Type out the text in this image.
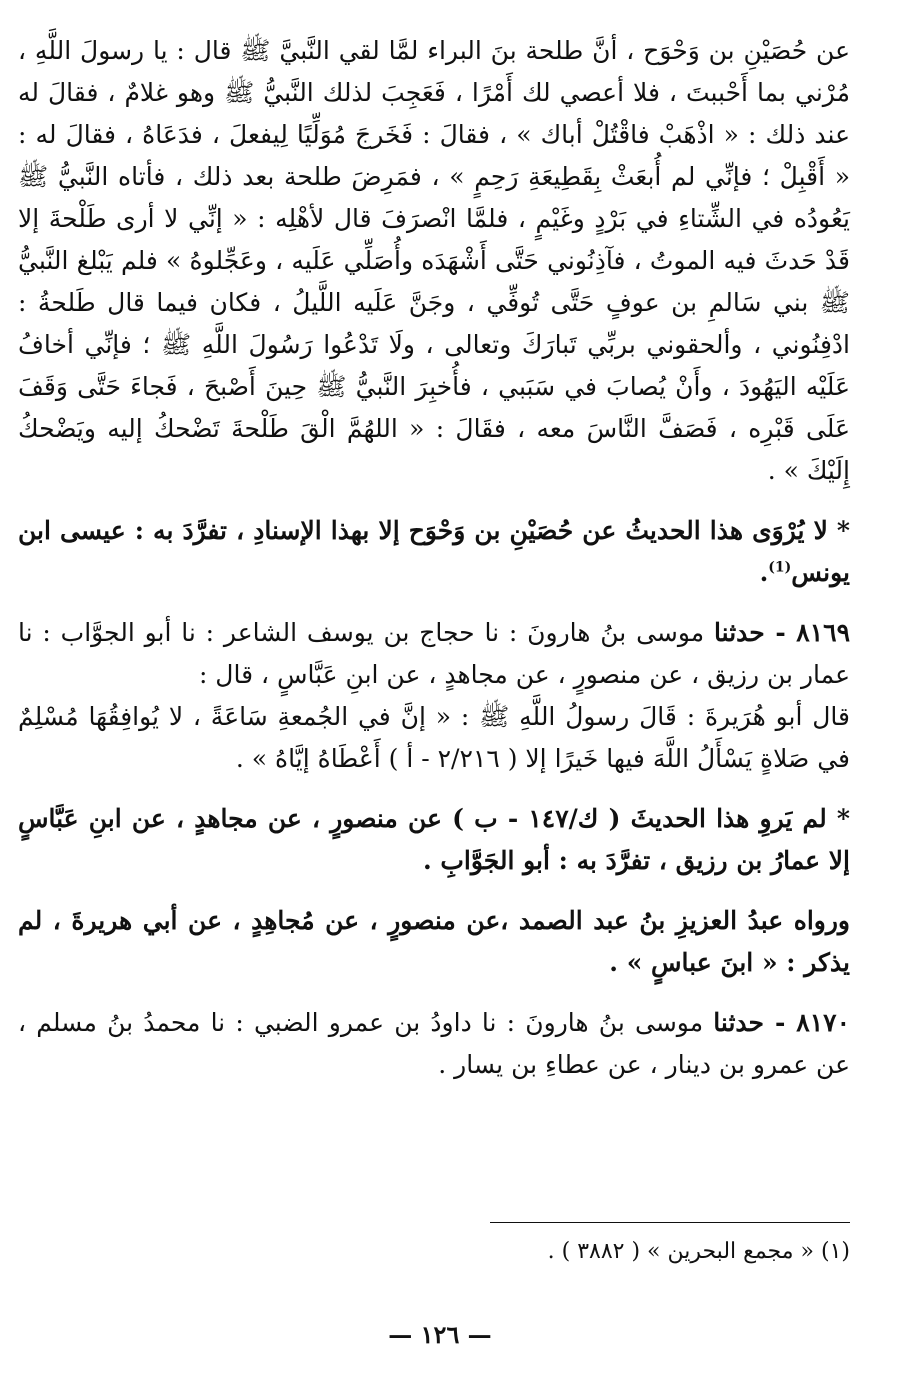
عن حُصَيْنِ بن وَحْوَح ، أنَّ طلحة بنَ البراء لمَّا لقي النَّبيَّ ﷺ قال : يا رسولَ اللَّهِ ، مُرْني بما أَحْببتَ ، فلا أعصي لك أَمْرًا ، فَعَجِبَ لذلك النَّبيُّ ﷺ وهو غلامٌ ، فقالَ له عند ذلك : « اذْهَبْ فاقْتُلْ أباك » ، فقالَ : فَخَرجَ مُوَلِّيًا لِيفعلَ ، فدَعَاهُ ، فقالَ له : « أَقْبِلْ ؛ فإنِّي لم أُبعَثْ بِقَطِيعَةِ رَحِمٍ » ، فمَرِضَ طلحة بعد ذلك ، فأتاه النَّبيُّ ﷺ يَعُودُه في الشِّتاءِ في بَرْدٍ وغَيْمٍ ، فلمَّا انْصرَفَ قال لأهْلِه : « إنِّي لا أرى طَلْحةَ إلا قَدْ حَدثَ فيه الموتُ ، فآذِنُوني حَتَّى أَشْهَدَه وأُصَلِّي عَلَيه ، وعَجِّلوهُ » فلم يَبْلغ النَّبيُّ ﷺ بني سَالمِ بن عوفٍ حَتَّى تُوفِّي ، وجَنَّ عَلَيه اللَّيلُ ، فكان فيما قال طَلحةُ : ادْفِنُوني ، وألحقوني بربِّي تَبارَكَ وتعالى ، ولَا تَدْعُوا رَسُولَ اللَّهِ ﷺ ؛ فإنِّي أخافُ عَلَيْه اليَهُودَ ، وأَنْ يُصابَ في سَبَبي ، فأُخبِرَ النَّبيُّ ﷺ حِينَ أَصْبحَ ، فَجاءَ حَتَّى وَقَفَ عَلَى قَبْرِه ، فَصَفَّ النَّاسَ معه ، فقَالَ : « اللهُمَّ الْقَ طَلْحةَ تَضْحكُ إليه ويَضْحكُ إِلَيْكَ » .

* لا يُرْوَى هذا الحديثُ عن حُصَيْنِ بن وَحْوَح إلا بهذا الإسنادِ ، تفرَّدَ به : عيسى ابن يونس$^{(1)}$.

٨١٦٩ - حدثنا موسى بنُ هارونَ : نا حجاج بن يوسف الشاعر : نا أبو الجوَّاب : نا عمار بن رزيق ، عن منصورٍ ، عن مجاهدٍ ، عن ابنِ عَبَّاسٍ ، قال :

قال أبو هُرَيرةَ : قَالَ رسولُ اللَّهِ ﷺ : « إنَّ في الجُمعةِ سَاعَةً ، لا يُوافِقُهَا مُسْلِمٌ في صَلاةٍ يَسْأَلُ اللَّهَ فيها خَيرًا إلا ( ٢/٢١٦ - أ ) أَعْطَاهُ إيَّاهُ » .

* لم يَروِ هذا الحديثَ ( ك/١٤٧ - ب ) عن منصورٍ ، عن مجاهدٍ ، عن ابنِ عَبَّاسٍ إلا عمارُ بن رزيق ، تفرَّدَ به : أبو الجَوَّابِ .

ورواه عبدُ العزيزِ بنُ عبد الصمد ،عن منصورٍ ، عن مُجاهِدٍ ، عن أبي هريرةَ ، لم يذكر : « ابنَ عباسٍ » .

٨١٧٠ - حدثنا موسى بنُ هارونَ : نا داودُ بن عمرو الضبي : نا محمدُ بنُ مسلم ، عن عمرو بن دينار ، عن عطاءِ بن يسار .

(١) « مجمع البحرين » ( ٣٨٨٢ ) .
— ١٢٦ —
